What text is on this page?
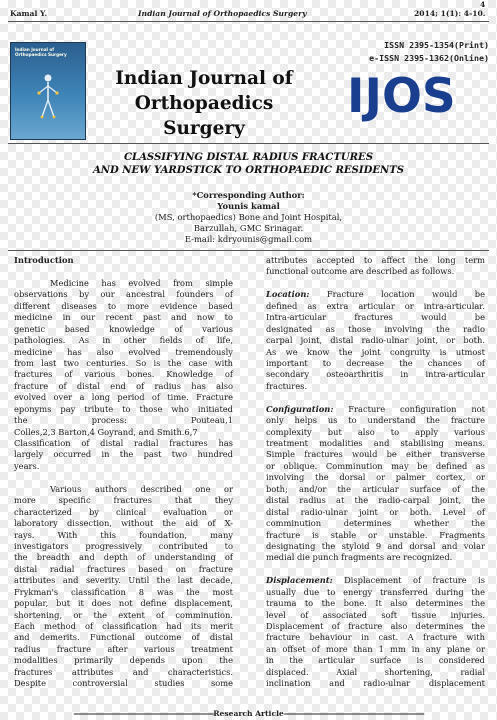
Kamal Y.	Indian Journal of Orthopaedics Surgery	2014; 1(1): 4-10.
4
Indian Journal of Orthopaedics Surgery
Indian Journal of
Orthopaedics
Surgery
ISSN 2395-1354(Print)
e-ISSN 2395-1362(Online)
IJOS
CLASSIFYING DISTAL RADIUS FRACTURES
AND NEW YARDSTICK TO ORTHOPAEDIC RESIDENTS
*Corresponding Author:
Younis kamal
(MS, orthopaedics) Bone and Joint Hospital,
Barzullah, GMC Srinagar.
E-mail: kdryounis@gmail.com
Introduction
Medicine has evolved from simple
observations by our ancestral founders of
different diseases to more evidence based
medicine in our recent past and now to
genetic based knowledge of various
pathologies. As in other fields of life,
medicine has also evolved tremendously
from last two centuries. So is the case with
fractures of various bones. Knowledge of
fracture of distal end of radius has also
evolved over a long period of time. Fracture
eponyms pay tribute to those who initiated
the process: Pouteau,1
Colles,2,3 Barton,4 Goyrand, and Smith.6,7
Classification of distal radial fractures has
largely occurred in the past two hundred
years.
Various authors described one or
more specific fractures that they
characterized by clinical evaluation or
laboratory dissection, without the aid of X-
rays. With this foundation, many
investigators progressively contributed to
the breadth and depth of understanding of
distal radial fractures based on fracture
attributes and severity. Until the last decade,
Frykman's classification 8 was the most
popular, but it does not define displacement,
shortening, or the extent of comminution.
Each method of classification had its merit
and demerits. Functional outcome of distal
radius fracture after various treatment
modalities primarily depends upon the
fractures attributes and characteristics.
Despite controversial studies some
attributes accepted to affect the long term
functional outcome are described as follows.
Location: Fracture location would be
defined as extra articular or intra-articular.
Intra-articular fractures would be
designated as those involving the radio
carpal joint, distal radio-ulnar joint, or both.
As we know the joint congruity is utmost
important to decrease the chances of
secondary osteoarthritis in intra-articular
fractures.
Configuration: Fracture configuration not
only helps us to understand the fracture
complexity but also to apply various
treatment modalities and stabilising means.
Simple fractures would be either transverse
or oblique. Comminution may be defined as
involving the dorsal or palmer cortex, or
both; and/or the articular surface of the
distal radius at the radio-carpal joint, the
distal radio-ulnar joint or both. Level of
comminution determines whether the
fracture is stable or unstable. Fragments
designating the styloid 9 and dorsal and volar
medial die punch fragments are recognized.
Displacement: Displacement of fracture is
usually due to energy transferred during the
trauma to the bone. It also determines the
level of associated soft tissue injuries.
Displacement of fracture also determines the
fracture behaviour in cast. A fracture with
an offset of more than 1 mm in any plane or
in the articular surface is considered
displaced. Axial shortening, radial
inclination and radio-ulnar displacement
-----------------------------------------------------------------Research Article-----------------------------------------------------------------
